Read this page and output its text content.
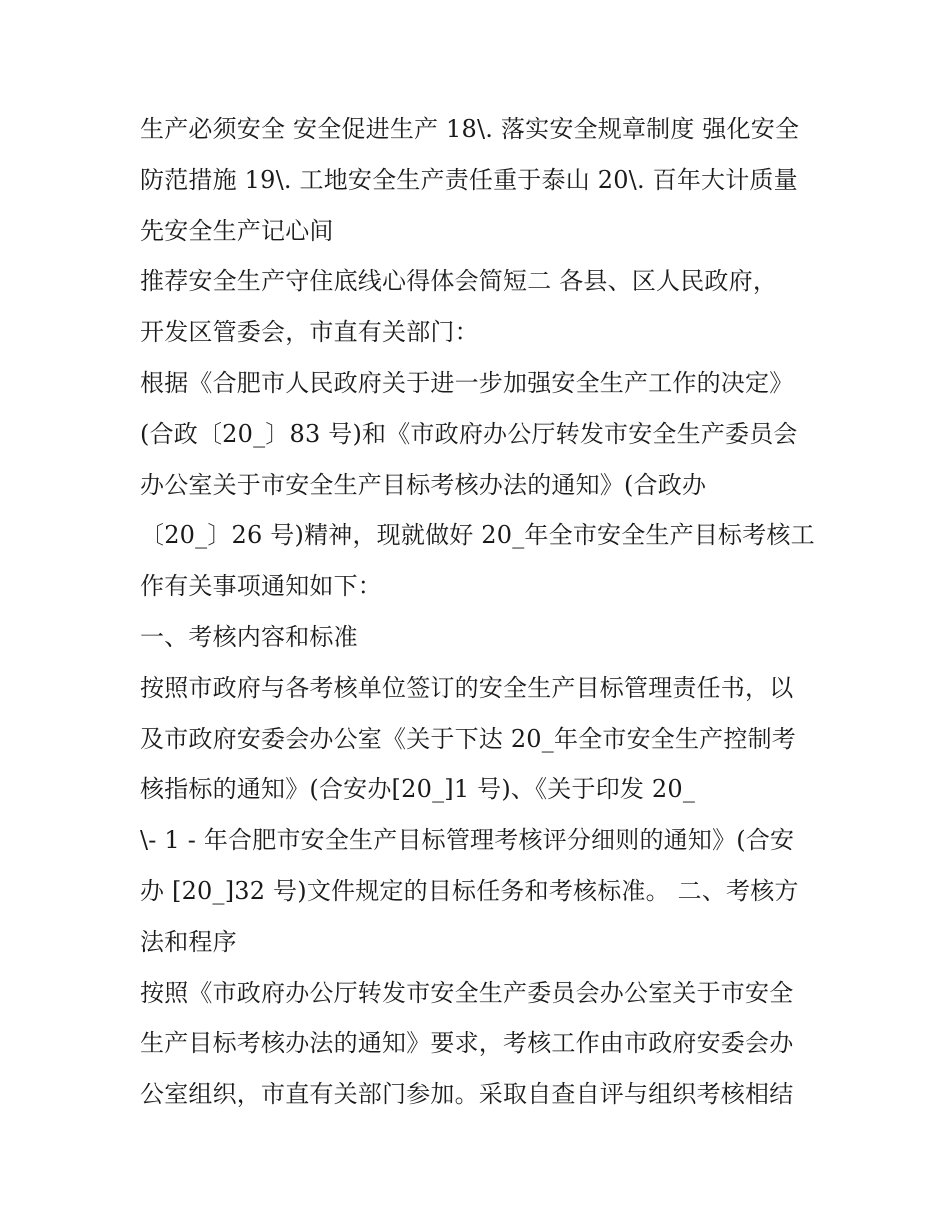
生产必须安全 安全促进生产 18\. 落实安全规章制度 强化安全
防范措施 19\. 工地安全生产责任重于泰山 20\. 百年大计质量
先安全生产记心间
推荐安全生产守住底线心得体会简短二 各县、区人民政府，
开发区管委会，市直有关部门：
根据《合肥市人民政府关于进一步加强安全生产工作的决定》
(合政〔20_〕83 号)和《市政府办公厅转发市安全生产委员会
办公室关于市安全生产目标考核办法的通知》(合政办
〔20_〕26 号)精神，现就做好 20_年全市安全生产目标考核工
作有关事项通知如下：
一、考核内容和标准
按照市政府与各考核单位签订的安全生产目标管理责任书，以
及市政府安委会办公室《关于下达 20_年全市安全生产控制考
核指标的通知》(合安办[20_]1 号)、《关于印发 20_
\- 1 - 年合肥市安全生产目标管理考核评分细则的通知》(合安
办 [20_]32 号)文件规定的目标任务和考核标准。 二、考核方
法和程序
按照《市政府办公厅转发市安全生产委员会办公室关于市安全
生产目标考核办法的通知》要求，考核工作由市政府安委会办
公室组织，市直有关部门参加。采取自查自评与组织考核相结
